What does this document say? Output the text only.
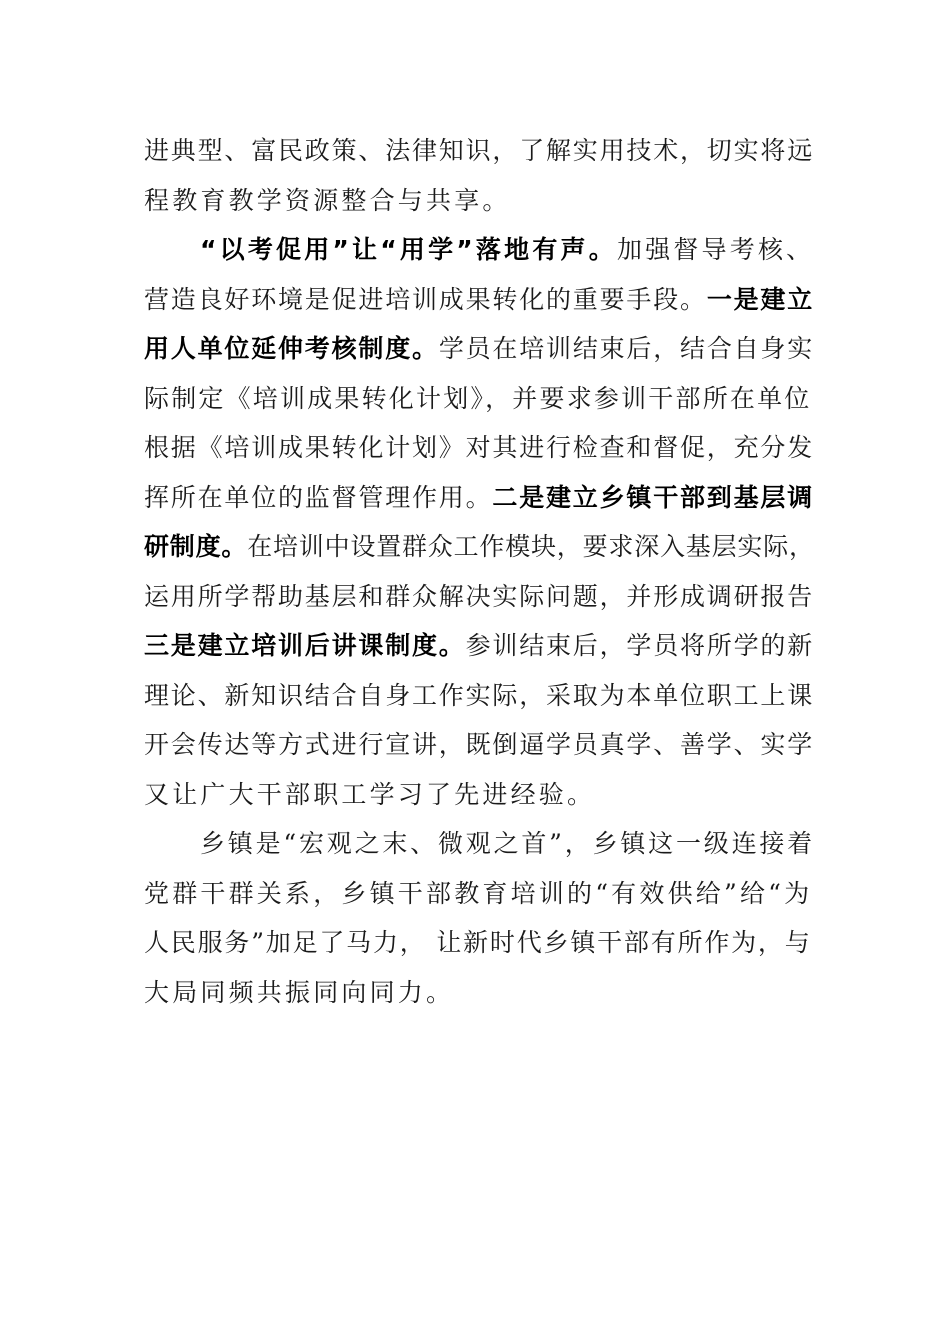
进典型、富民政策、法律知识，了解实用技术，切实将远
程教育教学资源整合与共享。
“以考促用”让“用学”落地有声。加强督导考核、
营造良好环境是促进培训成果转化的重要手段。一是建立
用人单位延伸考核制度。学员在培训结束后，结合自身实
际制定《培训成果转化计划》，并要求参训干部所在单位
根据《培训成果转化计划》对其进行检查和督促，充分发
挥所在单位的监督管理作用。二是建立乡镇干部到基层调
研制度。在培训中设置群众工作模块，要求深入基层实际，
运用所学帮助基层和群众解决实际问题，并形成调研报告
三是建立培训后讲课制度。参训结束后，学员将所学的新
理论、新知识结合自身工作实际，采取为本单位职工上课
开会传达等方式进行宣讲，既倒逼学员真学、善学、实学
又让广大干部职工学习了先进经验。
乡镇是“宏观之末、微观之首”，乡镇这一级连接着
党群干群关系，乡镇干部教育培训的“有效供给”给“为
人民服务”加足了马力， 让新时代乡镇干部有所作为，与
大局同频共振同向同力。
